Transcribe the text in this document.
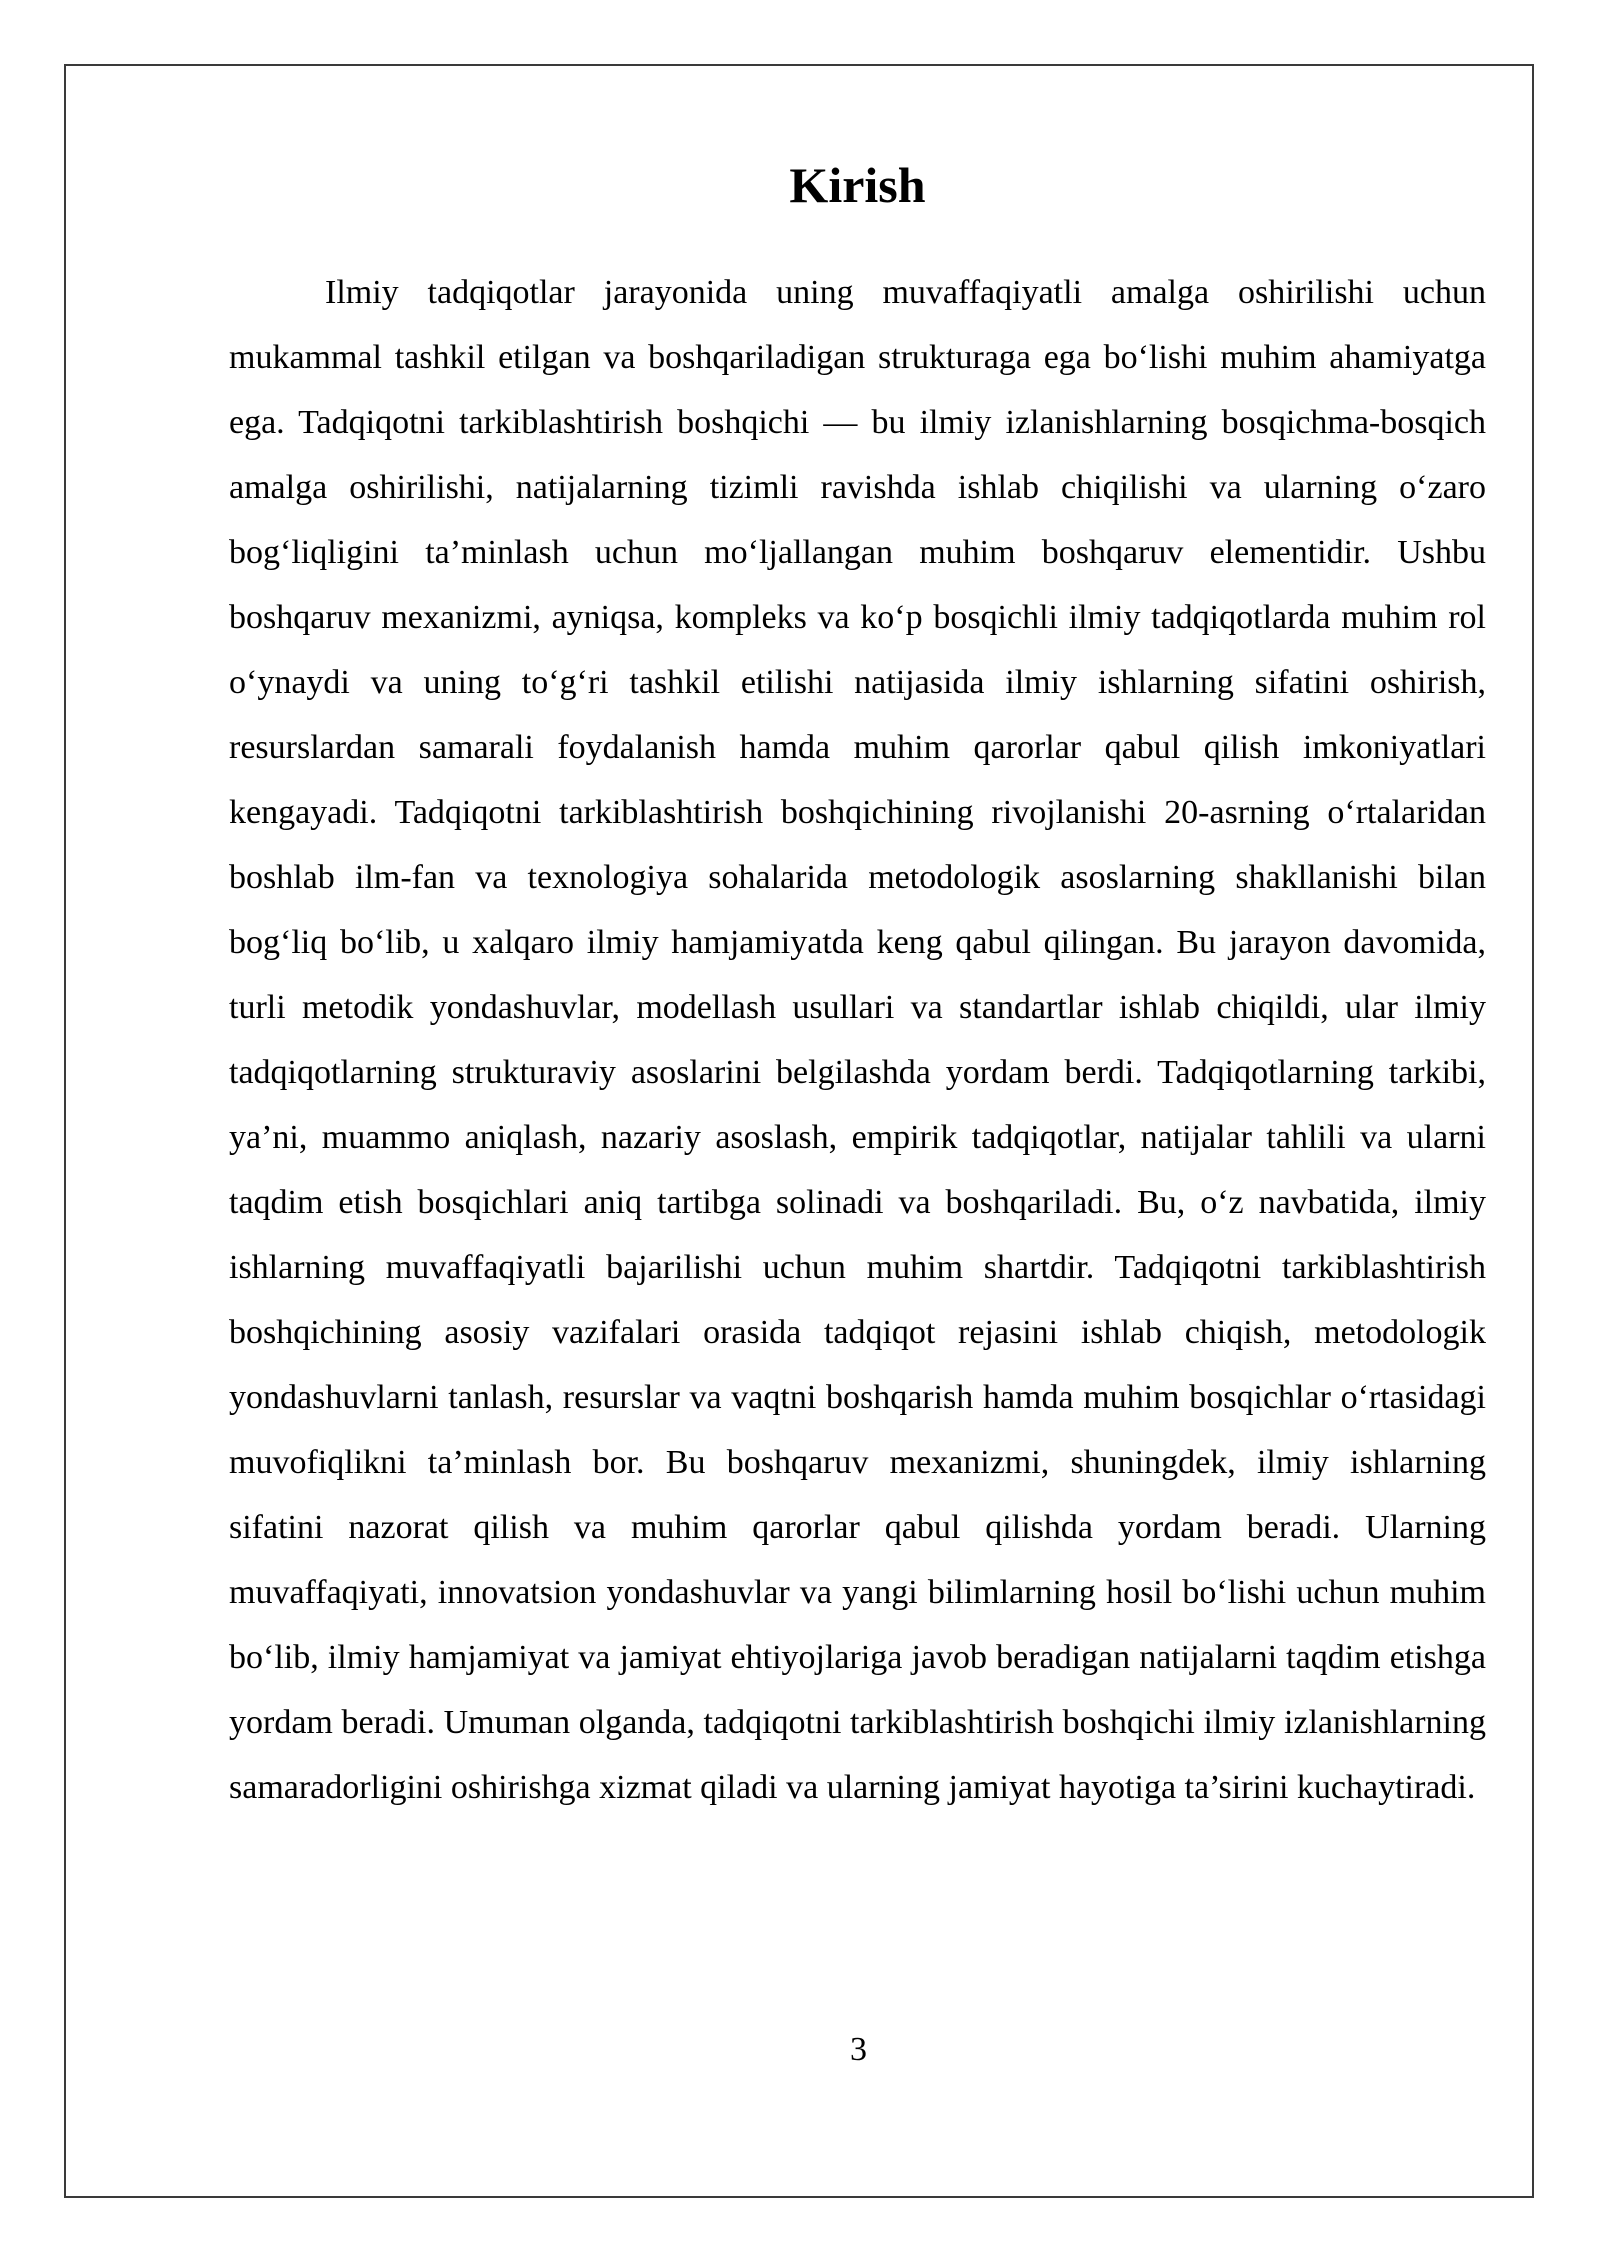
Kirish

Ilmiy tadqiqotlar jarayonida uning muvaffaqiyatli amalga oshirilishi uchun mukammal tashkil etilgan va boshqariladigan strukturaga ega bo‘lishi muhim ahamiyatga ega. Tadqiqotni tarkiblashtirish boshqichi — bu ilmiy izlanishlarning bosqichma-bosqich amalga oshirilishi, natijalarning tizimli ravishda ishlab chiqilishi va ularning o‘zaro bog‘liqligini ta’minlash uchun mo‘ljallangan muhim boshqaruv elementidir. Ushbu boshqaruv mexanizmi, ayniqsa, kompleks va ko‘p bosqichli ilmiy tadqiqotlarda muhim rol o‘ynaydi va uning to‘g‘ri tashkil etilishi natijasida ilmiy ishlarning sifatini oshirish, resurslardan samarali foydalanish hamda muhim qarorlar qabul qilish imkoniyatlari kengayadi. Tadqiqotni tarkiblashtirish boshqichining rivojlanishi 20-asrning o‘rtalaridan boshlab ilm-fan va texnologiya sohalarida metodologik asoslarning shakllanishi bilan bog‘liq bo‘lib, u xalqaro ilmiy hamjamiyatda keng qabul qilingan. Bu jarayon davomida, turli metodik yondashuvlar, modellash usullari va standartlar ishlab chiqildi, ular ilmiy tadqiqotlarning strukturaviy asoslarini belgilashda yordam berdi. Tadqiqotlarning tarkibi, ya’ni, muammo aniqlash, nazariy asoslash, empirik tadqiqotlar, natijalar tahlili va ularni taqdim etish bosqichlari aniq tartibga solinadi va boshqariladi. Bu, o‘z navbatida, ilmiy ishlarning muvaffaqiyatli bajarilishi uchun muhim shartdir. Tadqiqotni tarkiblashtirish boshqichining asosiy vazifalari orasida tadqiqot rejasini ishlab chiqish, metodologik yondashuvlarni tanlash, resurslar va vaqtni boshqarish hamda muhim bosqichlar o‘rtasidagi muvofiqlikni ta’minlash bor. Bu boshqaruv mexanizmi, shuningdek, ilmiy ishlarning sifatini nazorat qilish va muhim qarorlar qabul qilishda yordam beradi. Ularning muvaffaqiyati, innovatsion yondashuvlar va yangi bilimlarning hosil bo‘lishi uchun muhim bo‘lib, ilmiy hamjamiyat va jamiyat ehtiyojlariga javob beradigan natijalarni taqdim etishga yordam beradi. Umuman olganda, tadqiqotni tarkiblashtirish boshqichi ilmiy izlanishlarning samaradorligini oshirishga xizmat qiladi va ularning jamiyat hayotiga ta’sirini kuchaytiradi.

3
